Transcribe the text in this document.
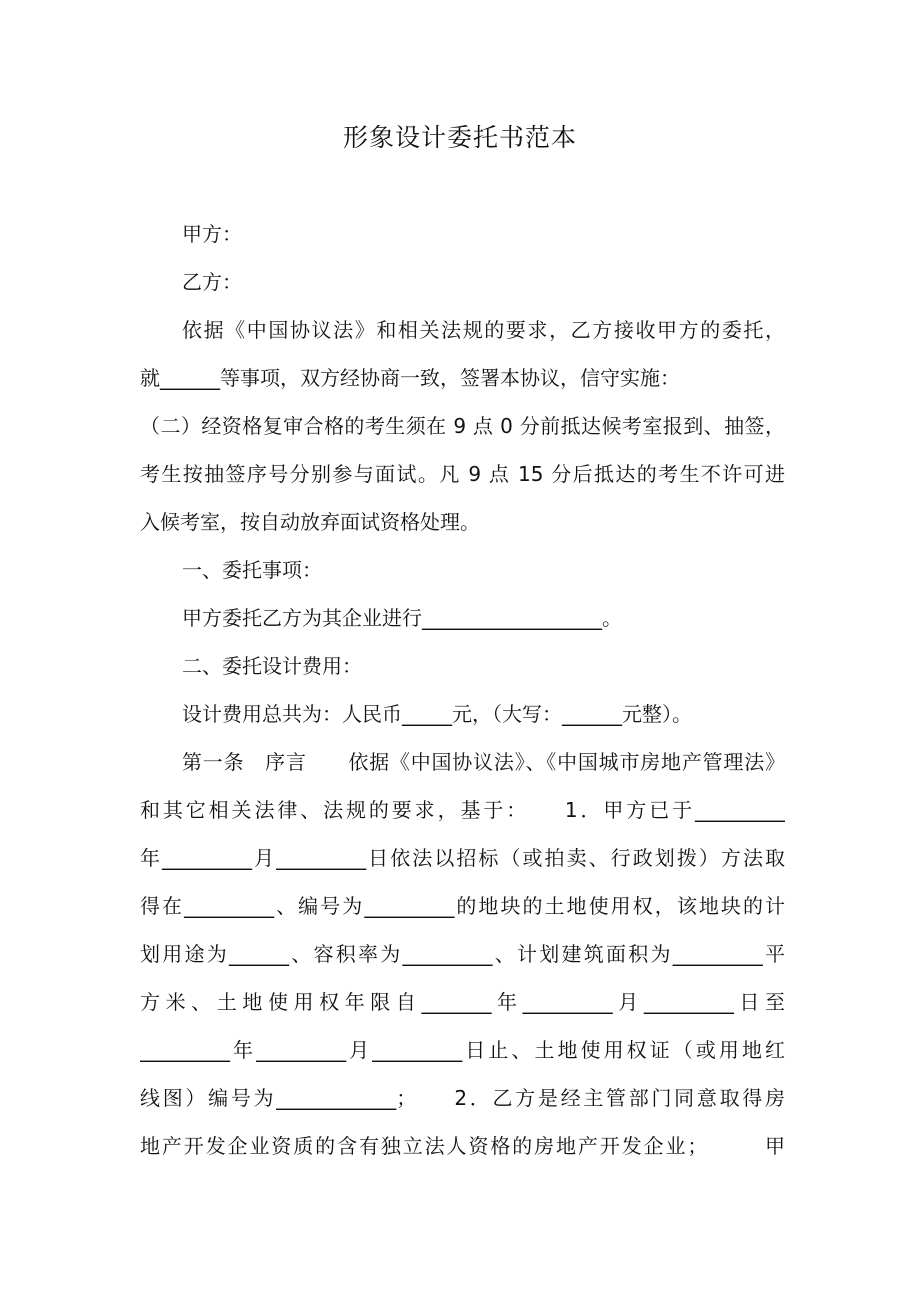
形象设计委托书范本

甲方：

乙方：

依据《中国协议法》和相关法规的要求，乙方接收甲方的委托，

就______等事项，双方经协商一致，签署本协议，信守实施：

（二）经资格复审合格的考生须在 9 点 0 分前抵达候考室报到、抽签，

考生按抽签序号分别参与面试。凡 9 点 15 分后抵达的考生不许可进

入候考室，按自动放弃面试资格处理。

一、委托事项：

甲方委托乙方为其企业进行__________________。

二、委托设计费用：

设计费用总共为：人民币_____元，（大写：______元整）。

第一条　序言　　依据《中国协议法》、《中国城市房地产管理法》

和其它相关法律、法规的要求，基于：　　1．甲方已于_________

年_________月_________日依法以招标（或拍卖、行政划拨）方法取

得在_________、编号为_________的地块的土地使用权，该地块的计

划用途为______、容积率为_________、计划建筑面积为_________平

方米、土地使用权年限自_______年_________月_________日至

_________年_________月_________日止、土地使用权证（或用地红

线图）编号为____________；　　2．乙方是经主管部门同意取得房

地产开发企业资质的含有独立法人资格的房地产开发企业；　　　甲
